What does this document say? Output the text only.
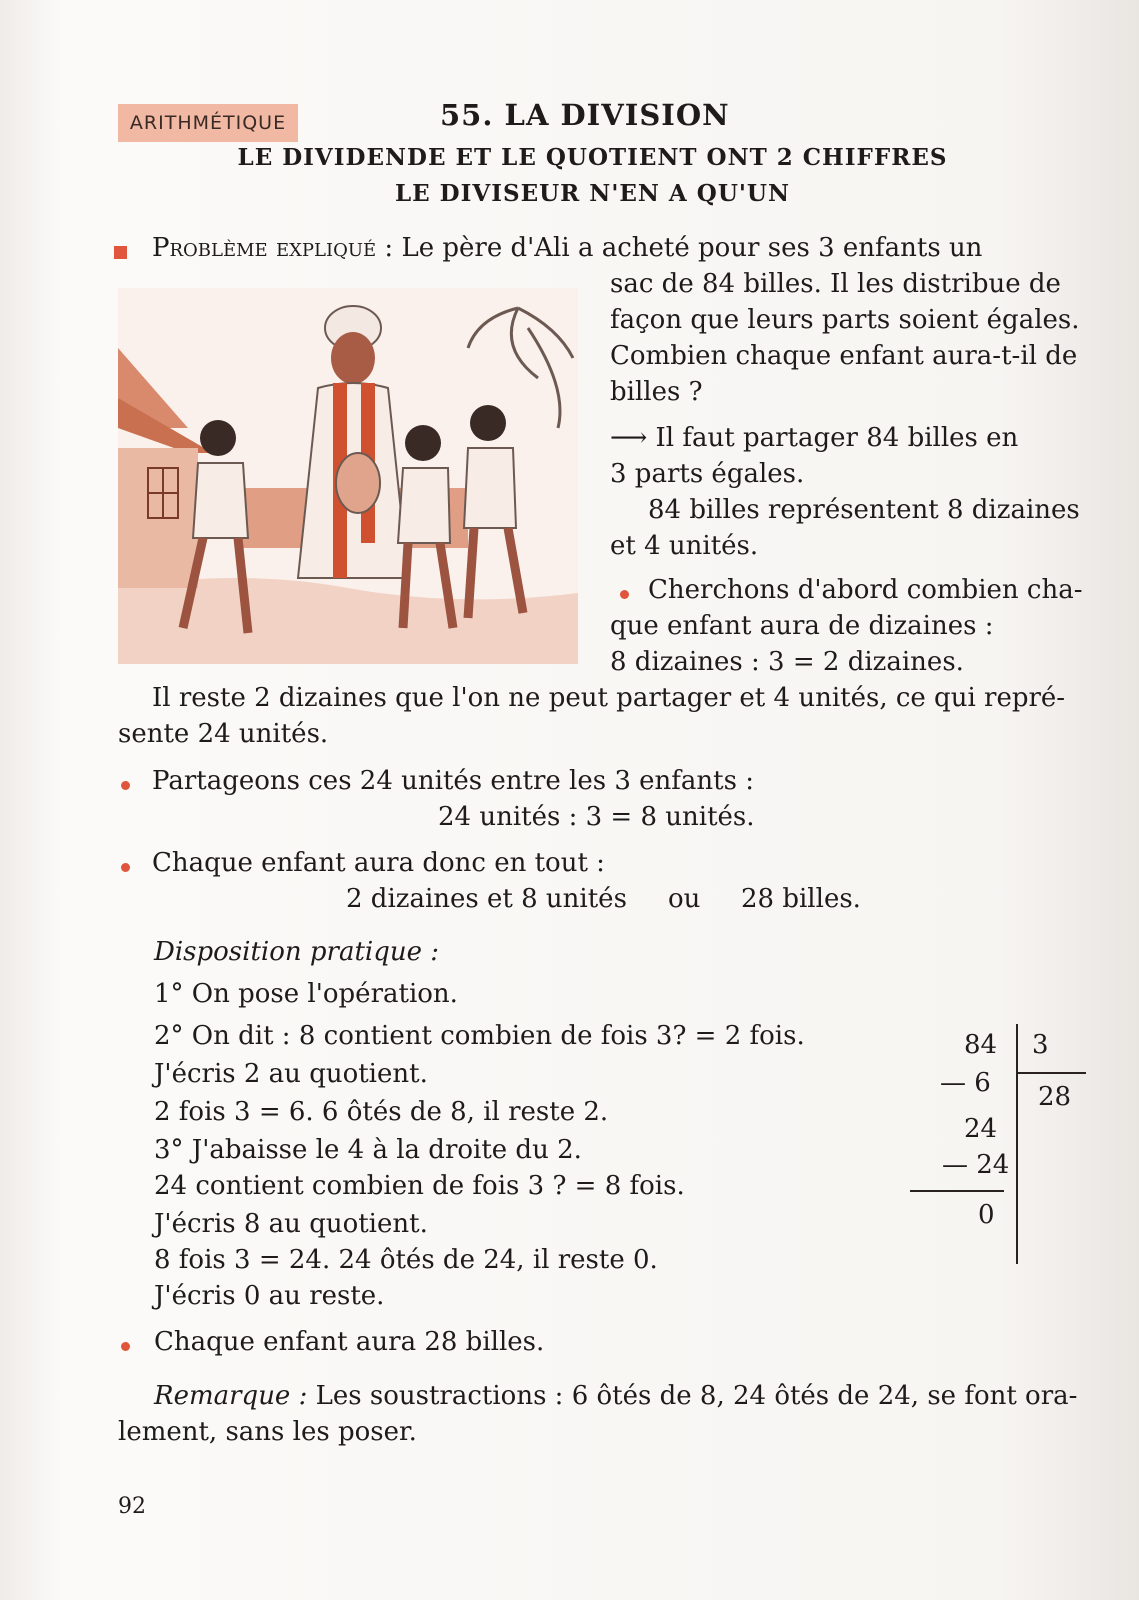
ARITHMÉTIQUE	55. LA DIVISION
LE DIVIDENDE ET LE QUOTIENT ONT 2 CHIFFRES
LE DIVISEUR N'EN A QU'UN
Problème expliqué : Le père d'Ali a acheté pour ses 3 enfants un
sac de 84 billes. Il les distribue de
façon que leurs parts soient égales.
Combien chaque enfant aura-t-il de
billes ?
⟶ Il faut partager 84 billes en
3 parts égales.
84 billes représentent 8 dizaines
et 4 unités.
Cherchons d'abord combien cha-
que enfant aura de dizaines :
8 dizaines : 3 = 2 dizaines.
Il reste 2 dizaines que l'on ne peut partager et 4 unités, ce qui repré-
sente 24 unités.
Partageons ces 24 unités entre les 3 enfants :
24 unités : 3 = 8 unités.
Chaque enfant aura donc en tout :
2 dizaines et 8 unités ou 28 billes.
Disposition pratique :
1° On pose l'opération.
2° On dit : 8 contient combien de fois 3? = 2 fois.
J'écris 2 au quotient.
2 fois 3 = 6. 6 ôtés de 8, il reste 2.
3° J'abaisse le 4 à la droite du 2.
24 contient combien de fois 3 ? = 8 fois.
J'écris 8 au quotient.
8 fois 3 = 24. 24 ôtés de 24, il reste 0.
J'écris 0 au reste.
Chaque enfant aura 28 billes.
84 3
— 6 28
24
— 24
0
Remarque : Les soustractions : 6 ôtés de 8, 24 ôtés de 24, se font ora-
lement, sans les poser.
92
